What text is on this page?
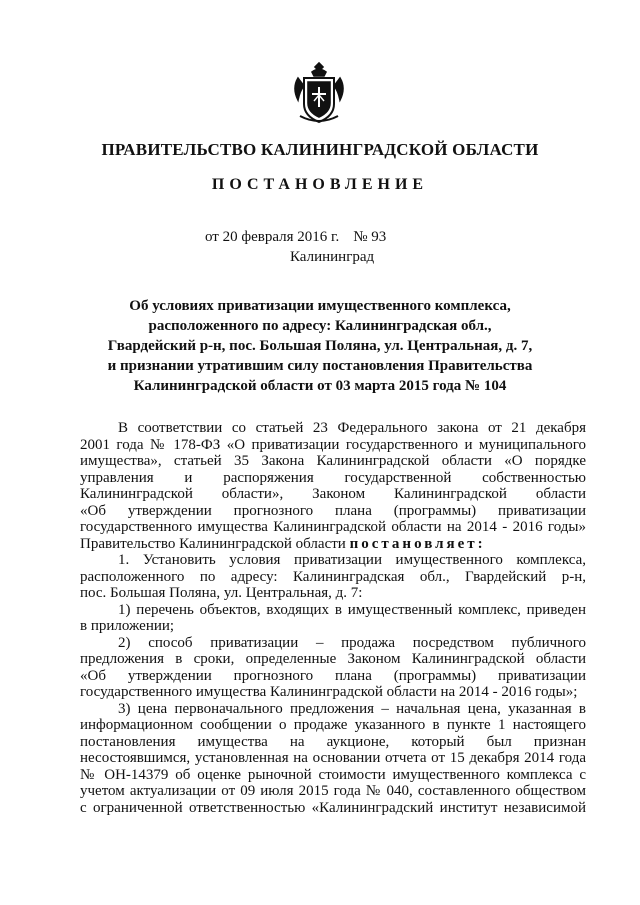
ПРАВИТЕЛЬСТВО КАЛИНИНГРАДСКОЙ ОБЛАСТИ
ПОСТАНОВЛЕНИЕ
от 20 февраля 2016 г. № 93
Калининград
Об условиях приватизации имущественного комплекса,
расположенного по адресу: Калининградская обл.,
Гвардейский р-н, пос. Большая Поляна, ул. Центральная, д. 7,
и признании утратившим силу постановления Правительства
Калининградской области от 03 марта 2015 года № 104
В соответствии со статьей 23 Федерального закона от 21 декабря
2001 года № 178-ФЗ «О приватизации государственного и муниципального
имущества», статьей 35 Закона Калининградской области «О порядке
управления и распоряжения государственной собственностью
Калининградской области», Законом Калининградской области
«Об утверждении прогнозного плана (программы) приватизации
государственного имущества Калининградской области на 2014 - 2016 годы»
Правительство Калининградской области постановляет:
1. Установить условия приватизации имущественного комплекса,
расположенного по адресу: Калининградская обл., Гвардейский р-н,
пос. Большая Поляна, ул. Центральная, д. 7:
1) перечень объектов, входящих в имущественный комплекс, приведен
в приложении;
2) способ приватизации – продажа посредством публичного
предложения в сроки, определенные Законом Калининградской области
«Об утверждении прогнозного плана (программы) приватизации
государственного имущества Калининградской области на 2014 - 2016 годы»;
3) цена первоначального предложения – начальная цена, указанная в
информационном сообщении о продаже указанного в пункте 1 настоящего
постановления имущества на аукционе, который был признан
несостоявшимся, установленная на основании отчета от 15 декабря 2014 года
№ ОН-14379 об оценке рыночной стоимости имущественного комплекса с
учетом актуализации от 09 июля 2015 года № 040, составленного обществом
с ограниченной ответственностью «Калининградский институт независимой
